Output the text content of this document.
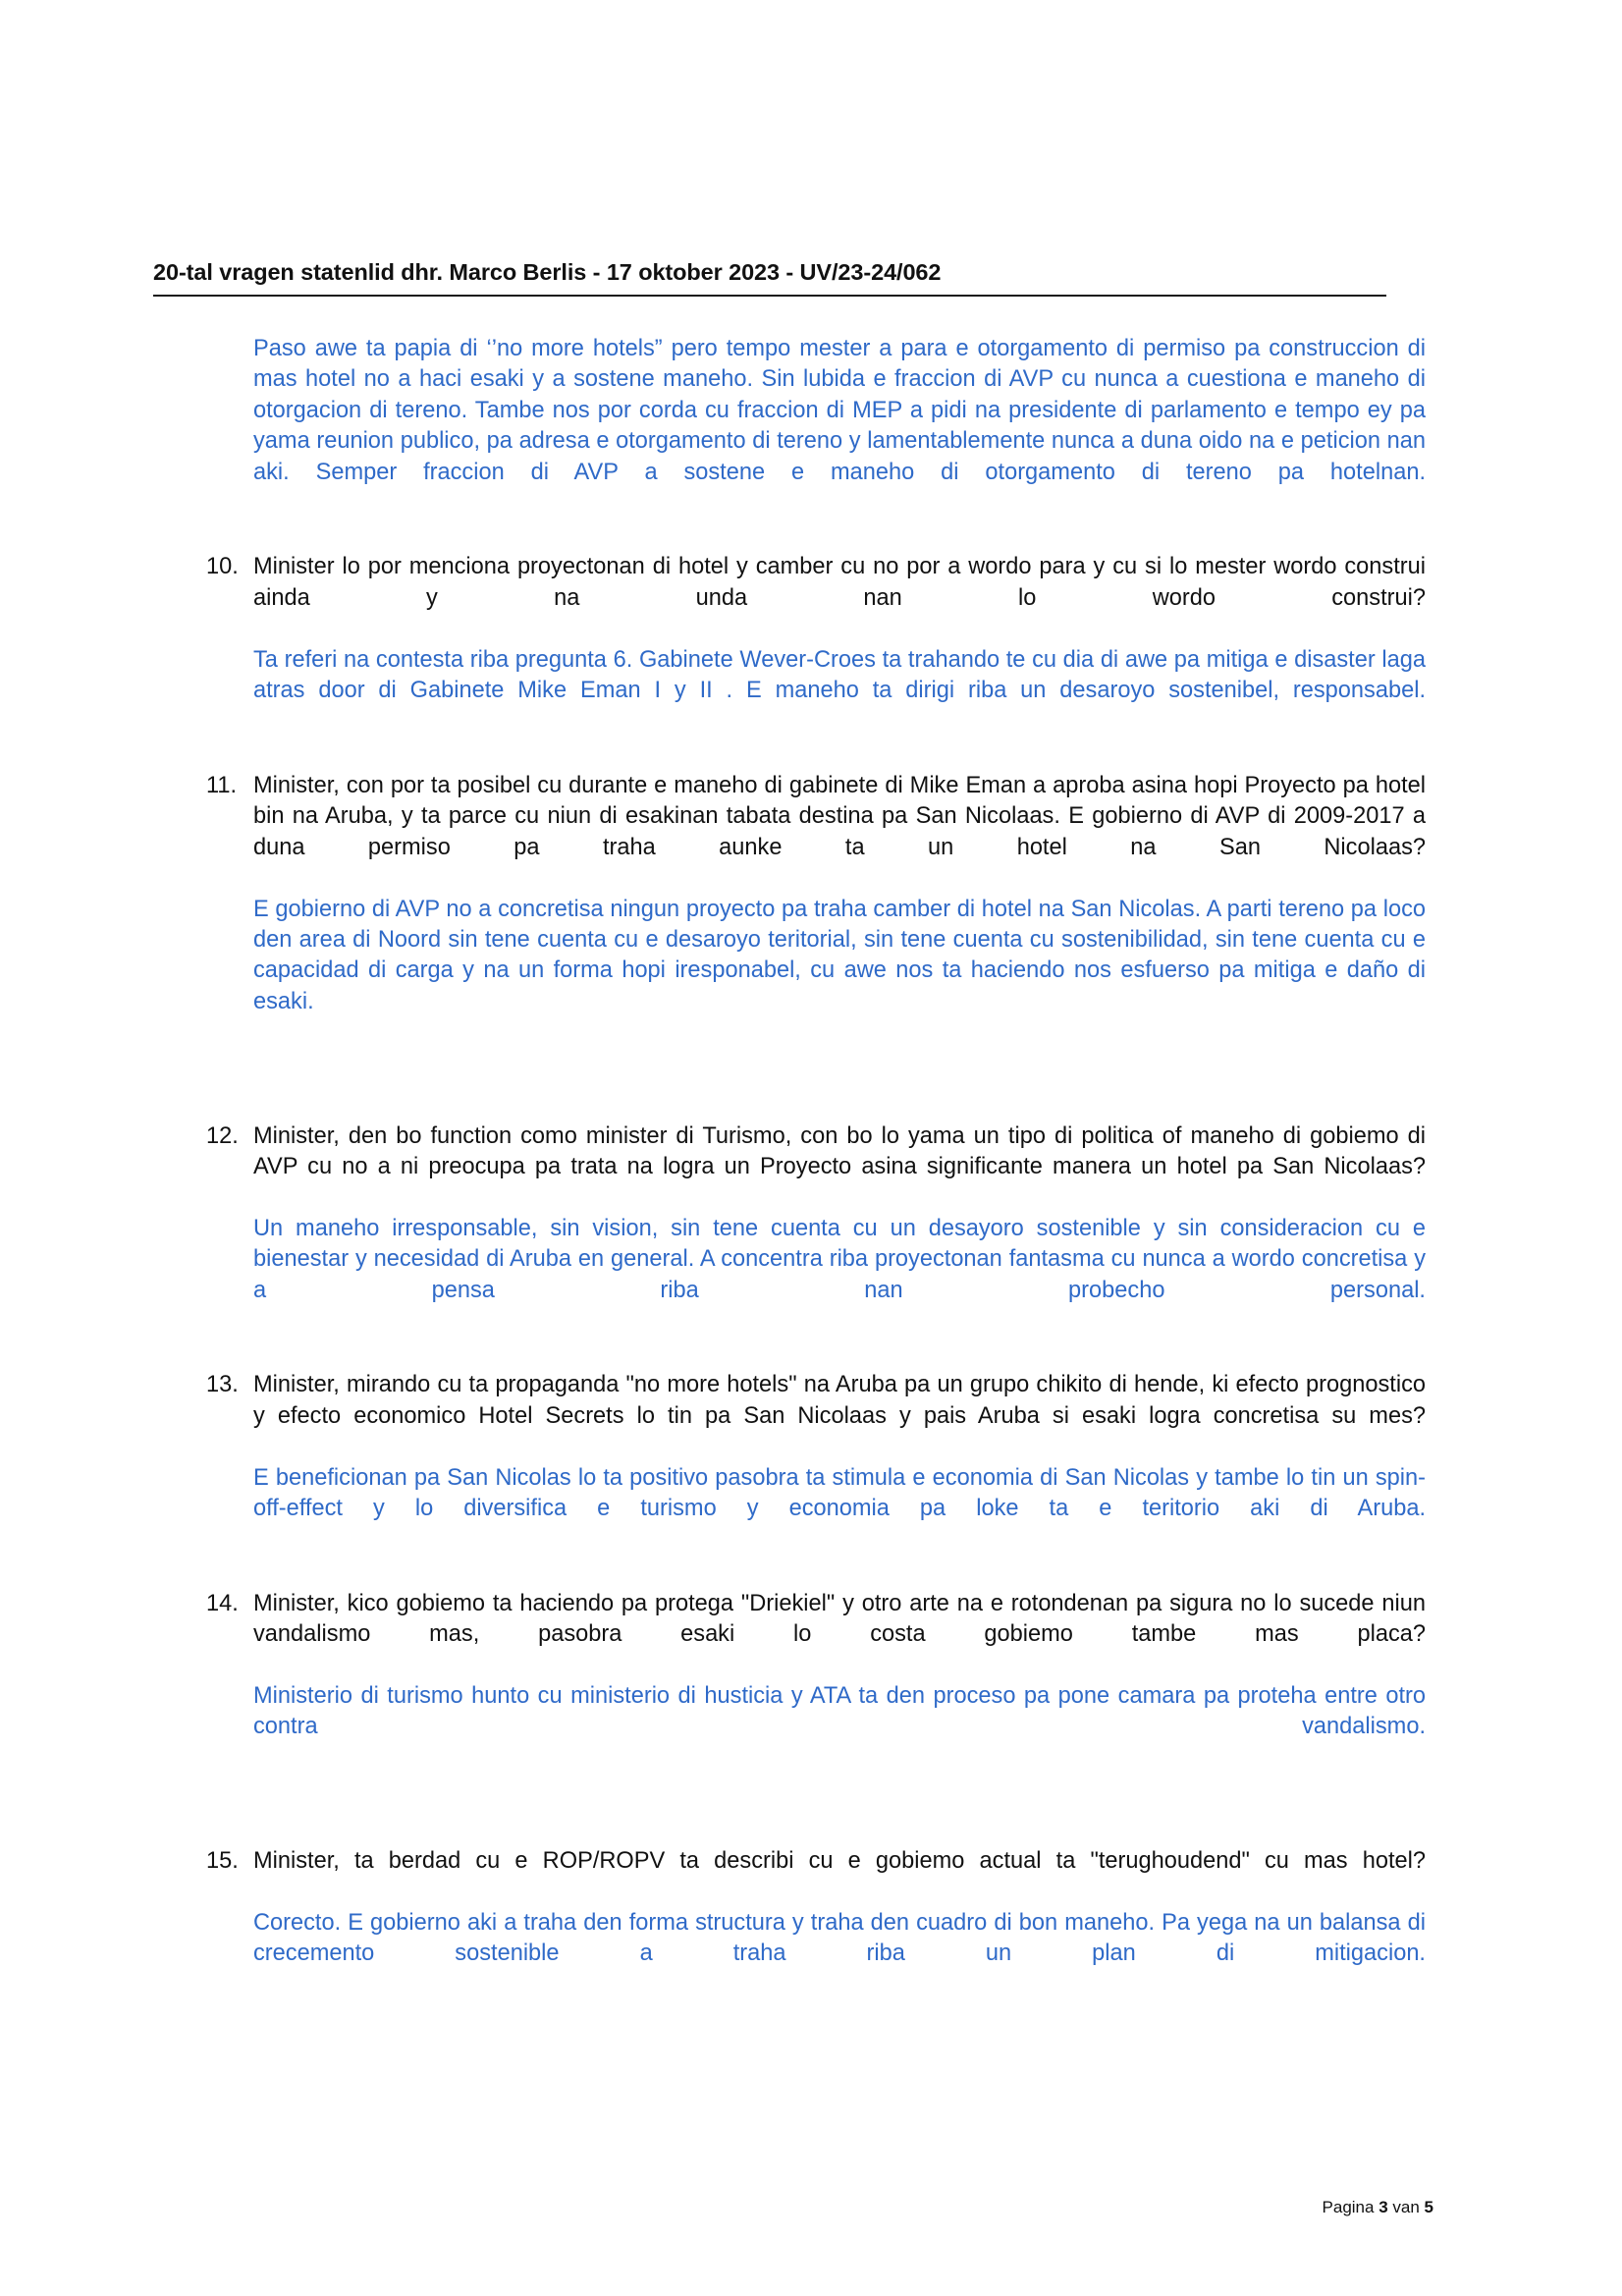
20-tal vragen statenlid dhr. Marco Berlis - 17 oktober 2023 - UV/23-24/062
Paso awe ta papia di ‘’no more hotels” pero tempo mester a para e otorgamento di permiso pa construccion di mas hotel no a haci esaki y a sostene maneho. Sin lubida e fraccion di AVP cu nunca a cuestiona e maneho di otorgacion di tereno. Tambe nos por corda cu fraccion di MEP a pidi na presidente di parlamento e tempo ey pa yama reunion publico, pa adresa e otorgamento di tereno y lamentablemente nunca a duna oido na e peticion nan aki. Semper fraccion di AVP a sostene e maneho di otorgamento di tereno pa hotelnan.
10. Minister lo por menciona proyectonan di hotel y camber cu no por a wordo para y cu si lo mester wordo construi ainda y na unda nan lo wordo construi?
Ta referi na contesta riba pregunta 6. Gabinete Wever-Croes ta trahando te cu dia di awe pa mitiga e disaster laga atras door di Gabinete Mike Eman I y II . E maneho ta dirigi riba un desaroyo sostenibel, responsabel.
11. Minister, con por ta posibel cu durante e maneho di gabinete di Mike Eman a aproba asina hopi Proyecto pa hotel bin na Aruba, y ta parce cu niun di esakinan tabata destina pa San Nicolaas. E gobierno di AVP di 2009-2017 a duna permiso pa traha aunke ta un hotel na San Nicolaas?
E gobierno di AVP no a concretisa ningun proyecto pa traha camber di hotel na San Nicolas. A parti tereno pa loco den area di Noord sin tene cuenta cu e desaroyo teritorial, sin tene cuenta cu sostenibilidad, sin tene cuenta cu e capacidad di carga y na un forma hopi iresponabel, cu awe nos ta haciendo nos esfuerso pa mitiga e daño di esaki.
12. Minister, den bo function como minister di Turismo, con bo lo yama un tipo di politica of maneho di gobiemo di AVP cu no a ni preocupa pa trata na logra un Proyecto asina significante manera un hotel pa San Nicolaas?
Un maneho irresponsable, sin vision, sin tene cuenta cu un desayoro sostenible y sin consideracion cu e bienestar y necesidad di Aruba en general. A concentra riba proyectonan fantasma cu nunca a wordo concretisa y a pensa riba nan probecho personal.
13. Minister, mirando cu ta propaganda "no more hotels" na Aruba pa un grupo chikito di hende, ki efecto prognostico y efecto economico Hotel Secrets lo tin pa San Nicolaas y pais Aruba si esaki logra concretisa su mes?
E beneficionan pa San Nicolas lo ta positivo pasobra ta stimula e economia di San Nicolas y tambe lo tin un spin-off-effect y lo diversifica e turismo y economia pa loke ta e teritorio aki di Aruba.
14. Minister, kico gobiemo ta haciendo pa protega "Driekiel" y otro arte na e rotondenan pa sigura no lo sucede niun vandalismo mas, pasobra esaki lo costa gobiemo tambe mas placa?
Ministerio di turismo hunto cu ministerio di husticia y ATA ta den proceso pa pone camara pa proteha entre otro contra vandalismo.
15. Minister, ta berdad cu e ROP/ROPV ta describi cu e gobiemo actual ta "terughoudend" cu mas hotel?
Corecto. E gobierno aki a traha den forma structura y traha den cuadro di bon maneho. Pa yega na un balansa di crecemento sostenible a traha riba un plan di mitigacion.
Pagina 3 van 5
